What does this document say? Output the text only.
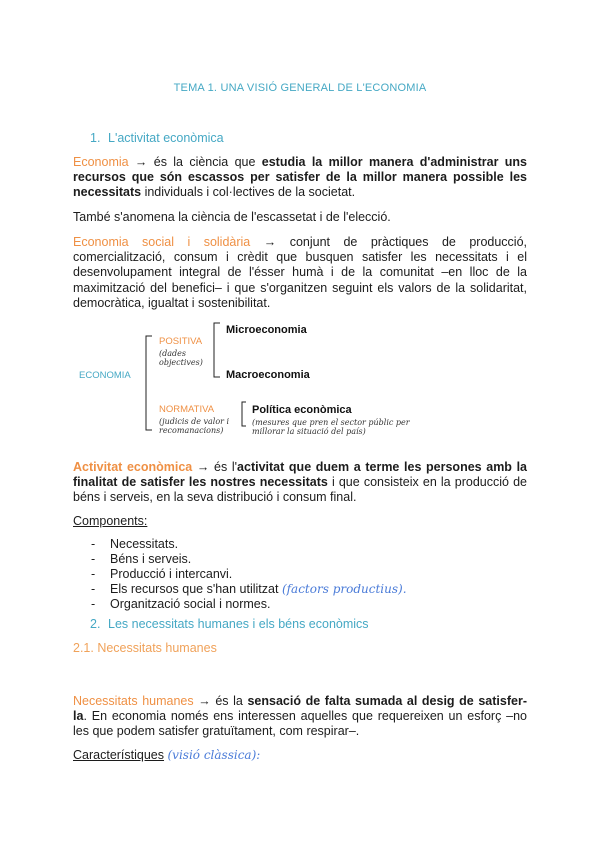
TEMA 1. UNA VISIÓ GENERAL DE L'ECONOMIA
1. L'activitat econòmica
Economia → és la ciència que estudia la millor manera d'administrar uns recursos que són escassos per satisfer de la millor manera possible les necessitats individuals i col·lectives de la societat.
També s'anomena la ciència de l'escassetat i de l'elecció.
Economia social i solidària → conjunt de pràctiques de producció, comercialització, consum i crèdit que busquen satisfer les necessitats i el desenvolupament integral de l'ésser humà i de la comunitat –en lloc de la maximització del benefici– i que s'organitzen seguint els valors de la solidaritat, democràtica, igualtat i sostenibilitat.
ECONOMIA
POSITIVA
(dades
objectives)
Microeconomia
Macroeconomia
NORMATIVA
(judicis de valor i
recomanacions)
Política econòmica
(mesures que pren el sector públic per
millorar la situació del país)
Activitat econòmica → és l'activitat que duem a terme les persones amb la finalitat de satisfer les nostres necessitats i que consisteix en la producció de béns i serveis, en la seva distribució i consum final.
Components:
- Necessitats.
- Béns i serveis.
- Producció i intercanvi.
- Els recursos que s'han utilitzat (factors productius).
- Organització social i normes.
2. Les necessitats humanes i els béns econòmics
2.1. Necessitats humanes
Necessitats humanes → és la sensació de falta sumada al desig de satisfer-la. En economia només ens interessen aquelles que requereixen un esforç –no les que podem satisfer gratuïtament, com respirar–.
Característiques (visió clàssica):
